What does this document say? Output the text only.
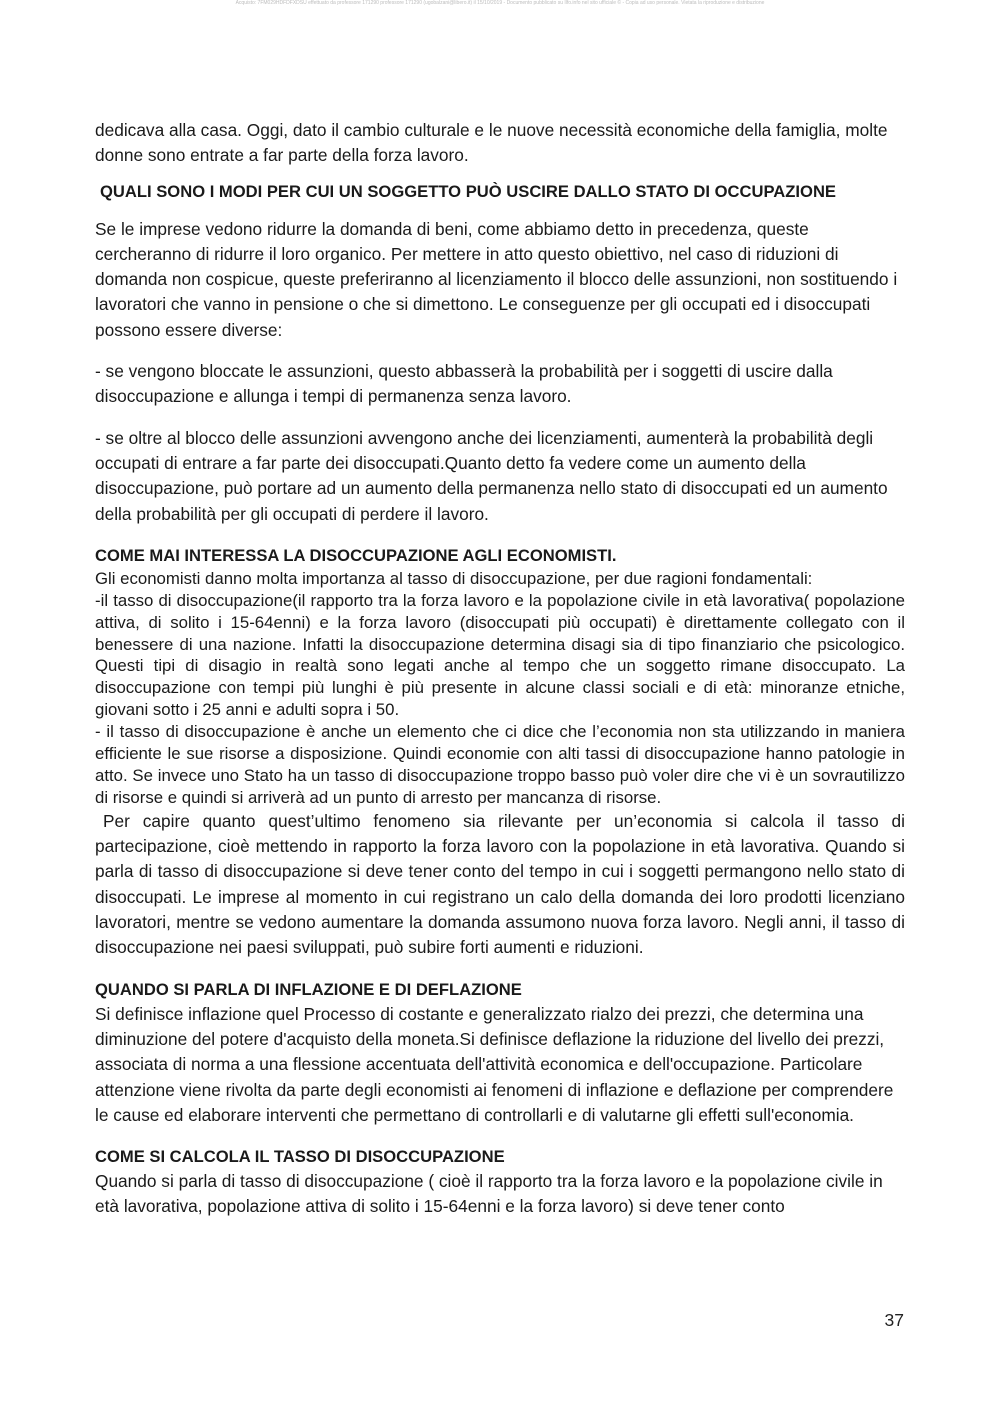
Acquisto: 7FM029HDFDFXDSU effettuato da professore 171290 professore 171290 (ugobalzani@libero.it) il 15/10/2019 - Documento pubblicato su Ilfo.info nel sito ufficiale © - Copia ad uso personale. Vietata la riproduzione e distribuzione

dedicava alla casa. Oggi, dato il cambio culturale e le nuove necessità economiche della famiglia, molte donne sono entrate a far parte della forza lavoro.

QUALI SONO I MODI PER CUI UN SOGGETTO PUÒ USCIRE DALLO STATO DI OCCUPAZIONE

Se le imprese vedono ridurre la domanda di beni, come abbiamo detto in precedenza, queste cercheranno di ridurre il loro organico. Per mettere in atto questo obiettivo, nel caso di riduzioni di domanda non cospicue, queste preferiranno al licenziamento il blocco delle assunzioni, non sostituendo i lavoratori che vanno in pensione o che si dimettono. Le conseguenze per gli occupati ed i disoccupati possono essere diverse:

- se vengono bloccate le assunzioni, questo abbasserà la probabilità per i soggetti di uscire dalla disoccupazione e allunga i tempi di permanenza senza lavoro.

- se oltre al blocco delle assunzioni avvengono anche dei licenziamenti, aumenterà la probabilità degli occupati di entrare a far parte dei disoccupati.Quanto detto fa vedere come un aumento della disoccupazione, può portare ad un aumento della permanenza nello stato di disoccupati ed un aumento della probabilità per gli occupati di perdere il lavoro.

COME MAI INTERESSA LA DISOCCUPAZIONE AGLI ECONOMISTI.

Gli economisti danno molta importanza al tasso di disoccupazione, per due ragioni fondamentali:

-il tasso di disoccupazione(il rapporto tra la forza lavoro e la popolazione civile in età lavorativa( popolazione attiva, di solito i 15-64enni) e la forza lavoro (disoccupati più occupati) è direttamente collegato con il benessere di una nazione. Infatti la disoccupazione determina disagi sia di tipo finanziario che psicologico. Questi tipi di disagio in realtà sono legati anche al tempo che un soggetto rimane disoccupato. La disoccupazione con tempi più lunghi è più presente in alcune classi sociali e di età: minoranze etniche, giovani sotto i 25 anni e adulti sopra i 50.

- il tasso di disoccupazione è anche un elemento che ci dice che l’economia non sta utilizzando in maniera efficiente le sue risorse a disposizione. Quindi economie con alti tassi di disoccupazione hanno patologie in atto. Se invece uno Stato ha un tasso di disoccupazione troppo basso può voler dire che vi è un sovrautilizzo di risorse e quindi si arriverà ad un punto di arresto per mancanza di risorse.

Per capire quanto quest’ultimo fenomeno sia rilevante per un’economia si calcola il tasso di partecipazione, cioè mettendo in rapporto la forza lavoro con la popolazione in età lavorativa. Quando si parla di tasso di disoccupazione si deve tener conto del tempo in cui i soggetti permangono nello stato di disoccupati. Le imprese al momento in cui registrano un calo della domanda dei loro prodotti licenziano lavoratori, mentre se vedono aumentare la domanda assumono nuova forza lavoro. Negli anni, il tasso di disoccupazione nei paesi sviluppati, può subire forti aumenti e riduzioni.

QUANDO SI PARLA DI INFLAZIONE E DI DEFLAZIONE

Si definisce inflazione quel Processo di costante e generalizzato rialzo dei prezzi, che determina una diminuzione del potere d'acquisto della moneta.Si definisce deflazione la riduzione del livello dei prezzi, associata di norma a una flessione accentuata dell'attività economica e dell'occupazione. Particolare attenzione viene rivolta da parte degli economisti ai fenomeni di inflazione e deflazione per comprendere le cause ed elaborare interventi che permettano di controllarli e di valutarne gli effetti sull'economia.

COME SI CALCOLA IL TASSO DI DISOCCUPAZIONE

Quando si parla di tasso di disoccupazione ( cioè il rapporto tra la forza lavoro e la popolazione civile in età lavorativa, popolazione attiva di solito i 15-64enni e la forza lavoro) si deve tener conto

37
